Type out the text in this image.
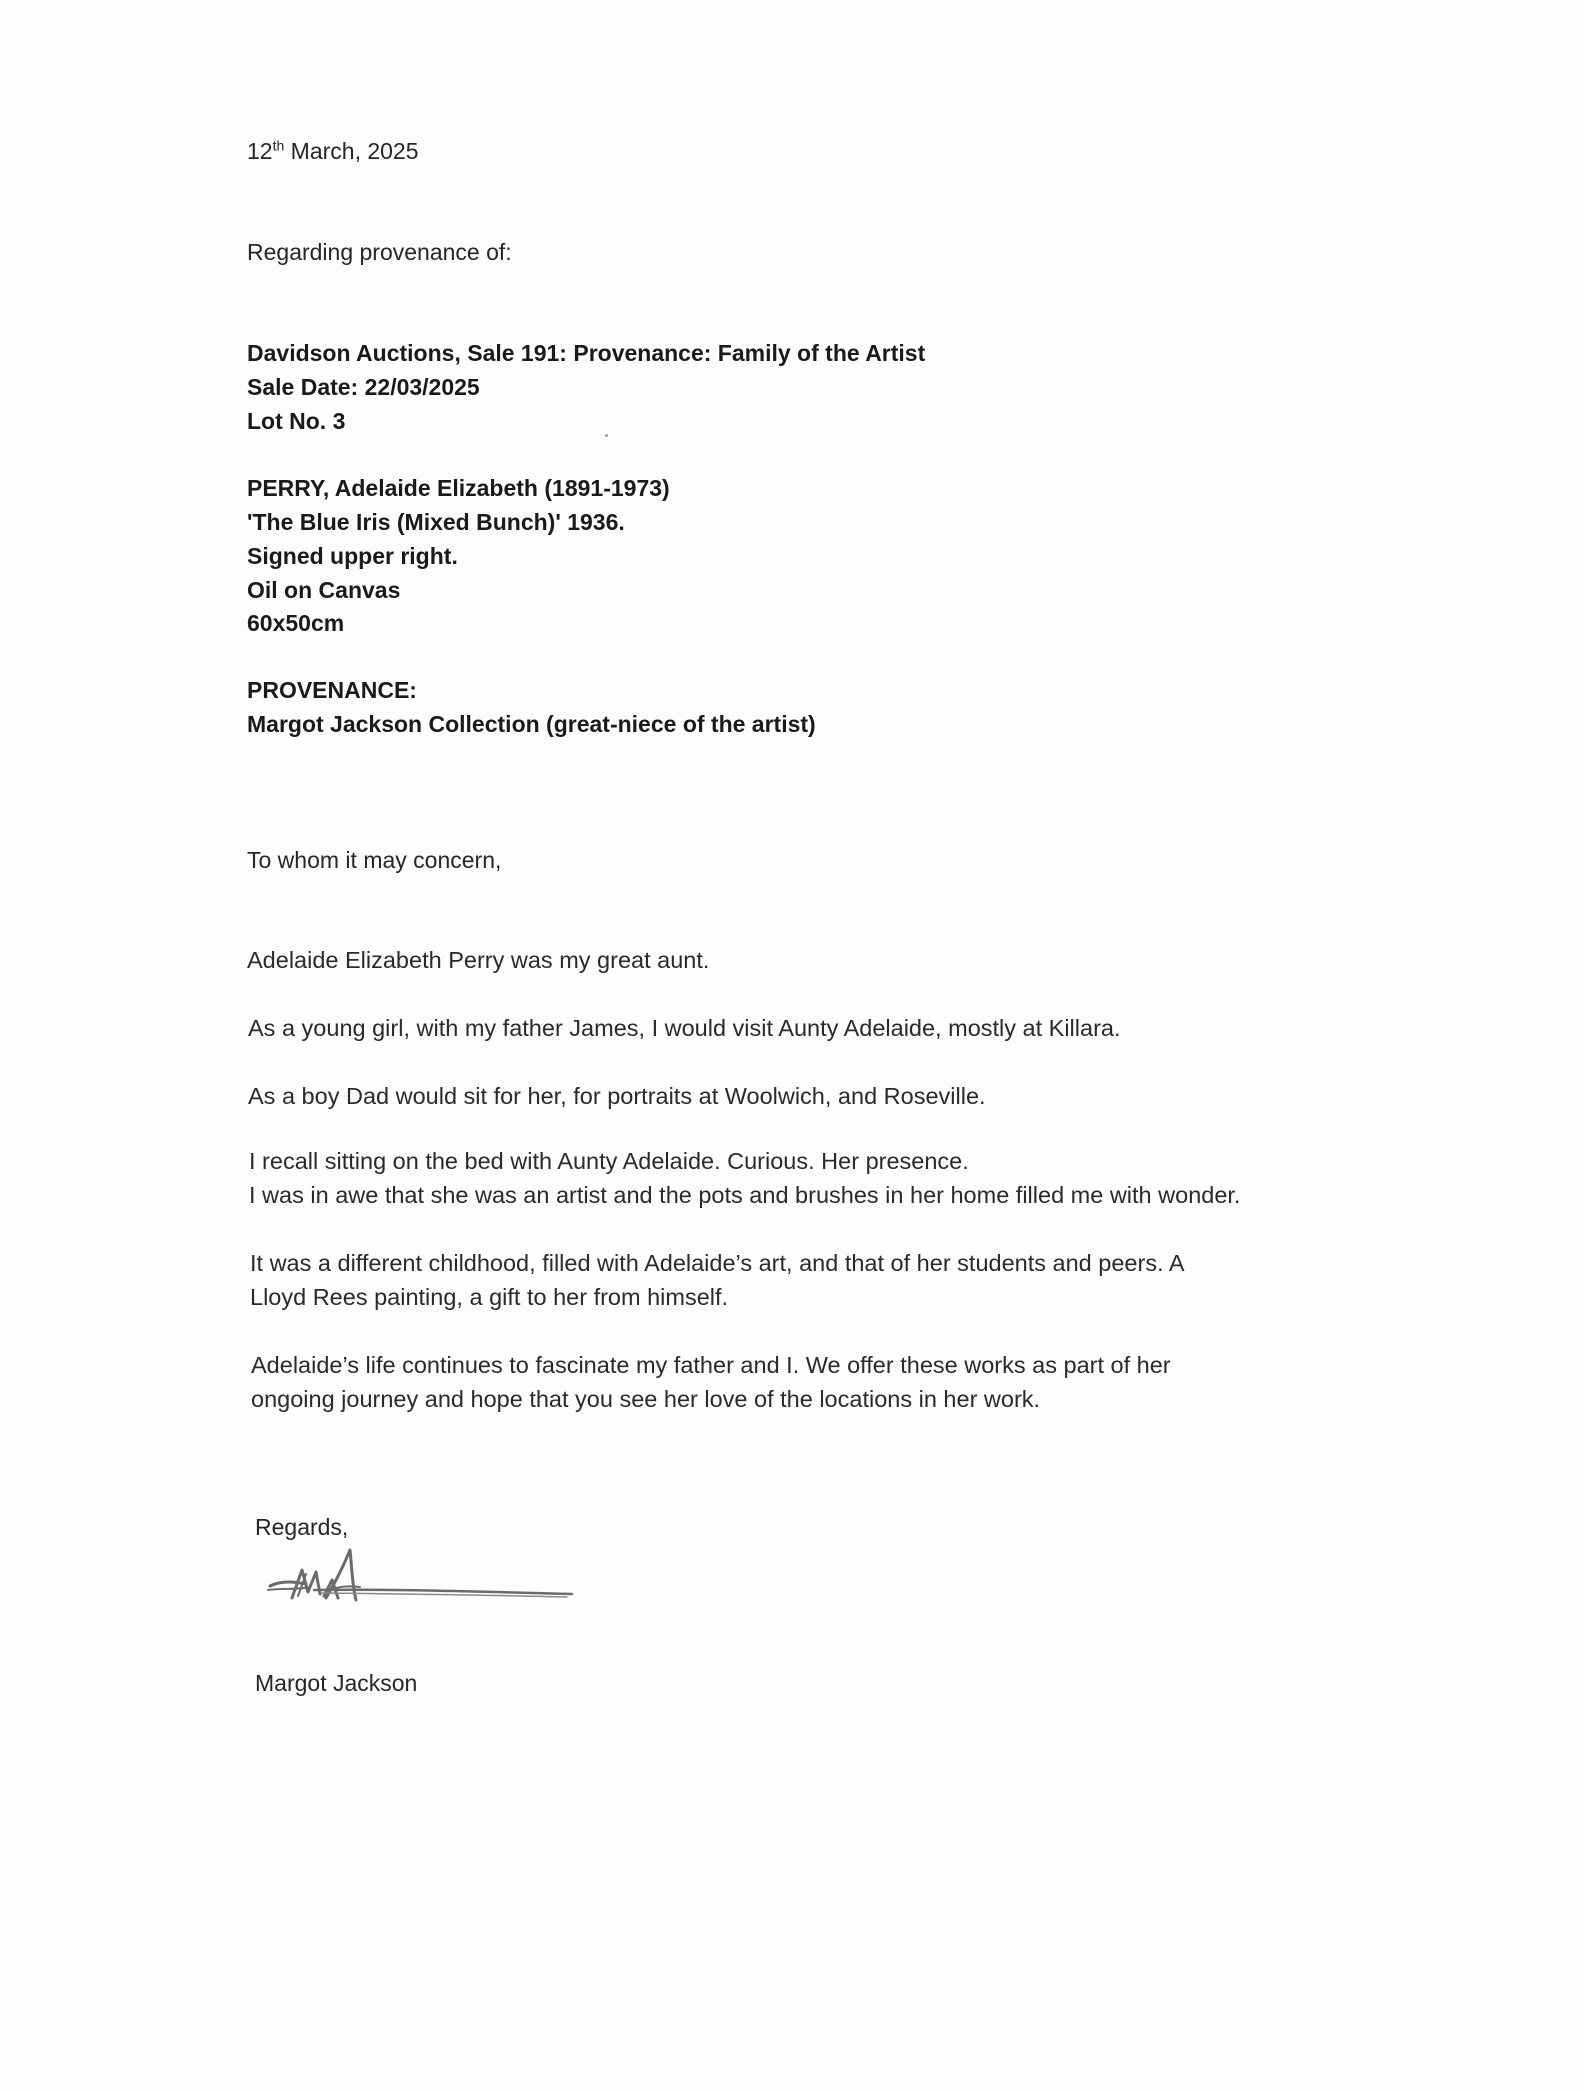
12th March, 2025
Regarding provenance of:
Davidson Auctions, Sale 191: Provenance: Family of the Artist
Sale Date: 22/03/2025
Lot No. 3
PERRY, Adelaide Elizabeth (1891-1973)
'The Blue Iris (Mixed Bunch)' 1936.
Signed upper right.
Oil on Canvas
60x50cm
PROVENANCE:
Margot Jackson Collection (great-niece of the artist)
To whom it may concern,
Adelaide Elizabeth Perry was my great aunt.
As a young girl, with my father James, I would visit Aunty Adelaide, mostly at Killara.
As a boy Dad would sit for her, for portraits at Woolwich, and Roseville.
I recall sitting on the bed with Aunty Adelaide. Curious. Her presence.
I was in awe that she was an artist and the pots and brushes in her home filled me with wonder.
It was a different childhood, filled with Adelaide’s art, and that of her students and peers. A
Lloyd Rees painting, a gift to her from himself.
Adelaide’s life continues to fascinate my father and I. We offer these works as part of her
ongoing journey and hope that you see her love of the locations in her work.
Regards,
Margot Jackson
